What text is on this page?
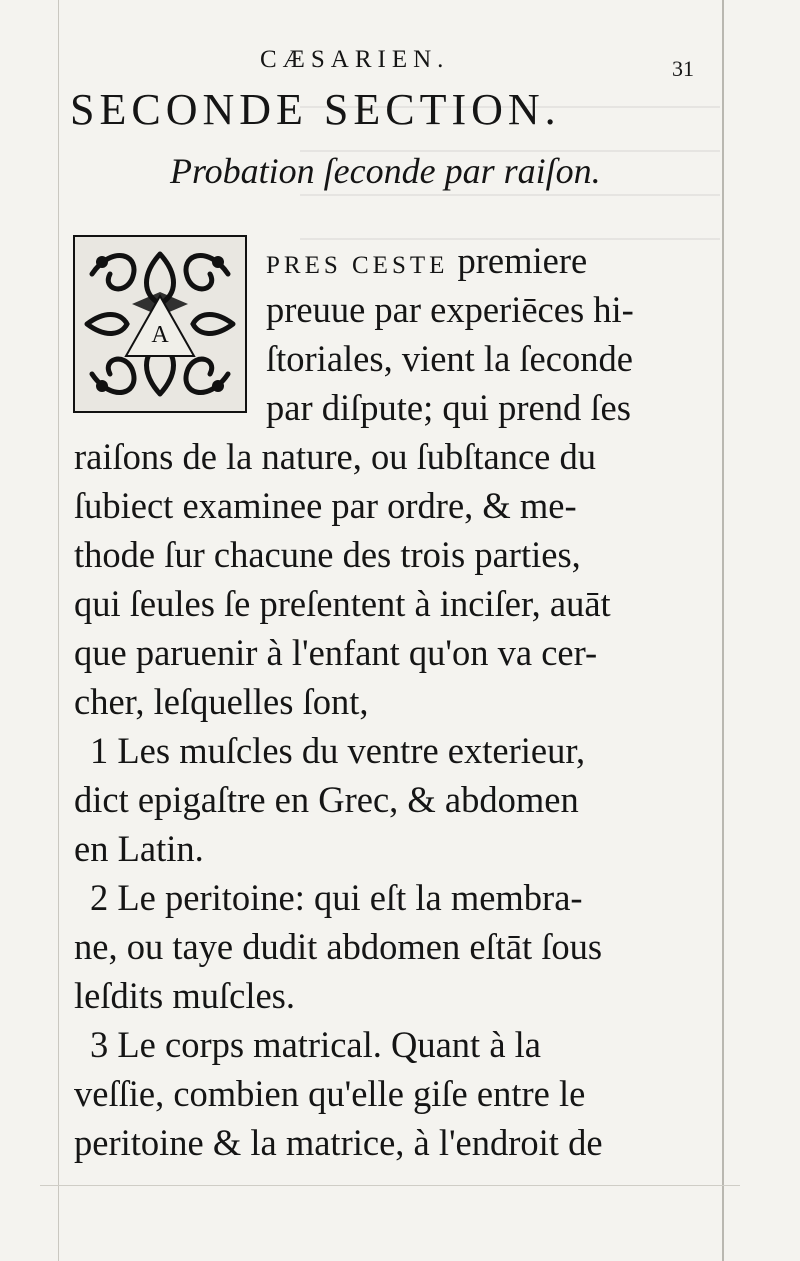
CÆSARIEN.	31
SECONDE SECTION.
Probation ſeconde par raiſon.
A
PRES CESTE premiere
preuue par experiēces hi-
ſtoriales, vient la ſeconde
par diſpute; qui prend ſes
raiſons de la nature, ou ſubſtance du
ſubiect examinee par ordre, & me-
thode ſur chacune des trois parties,
qui ſeules ſe preſentent à inciſer, auāt
que paruenir à l'enfant qu'on va cer-
cher, leſquelles ſont,
1 Les muſcles du ventre exterieur,
dict epigaſtre en Grec, & abdomen
en Latin.
2 Le peritoine: qui eſt la membra-
ne, ou taye dudit abdomen eſtāt ſous
leſdits muſcles.
3 Le corps matrical. Quant à la
veſſie, combien qu'elle giſe entre le
peritoine & la matrice, à l'endroit de
